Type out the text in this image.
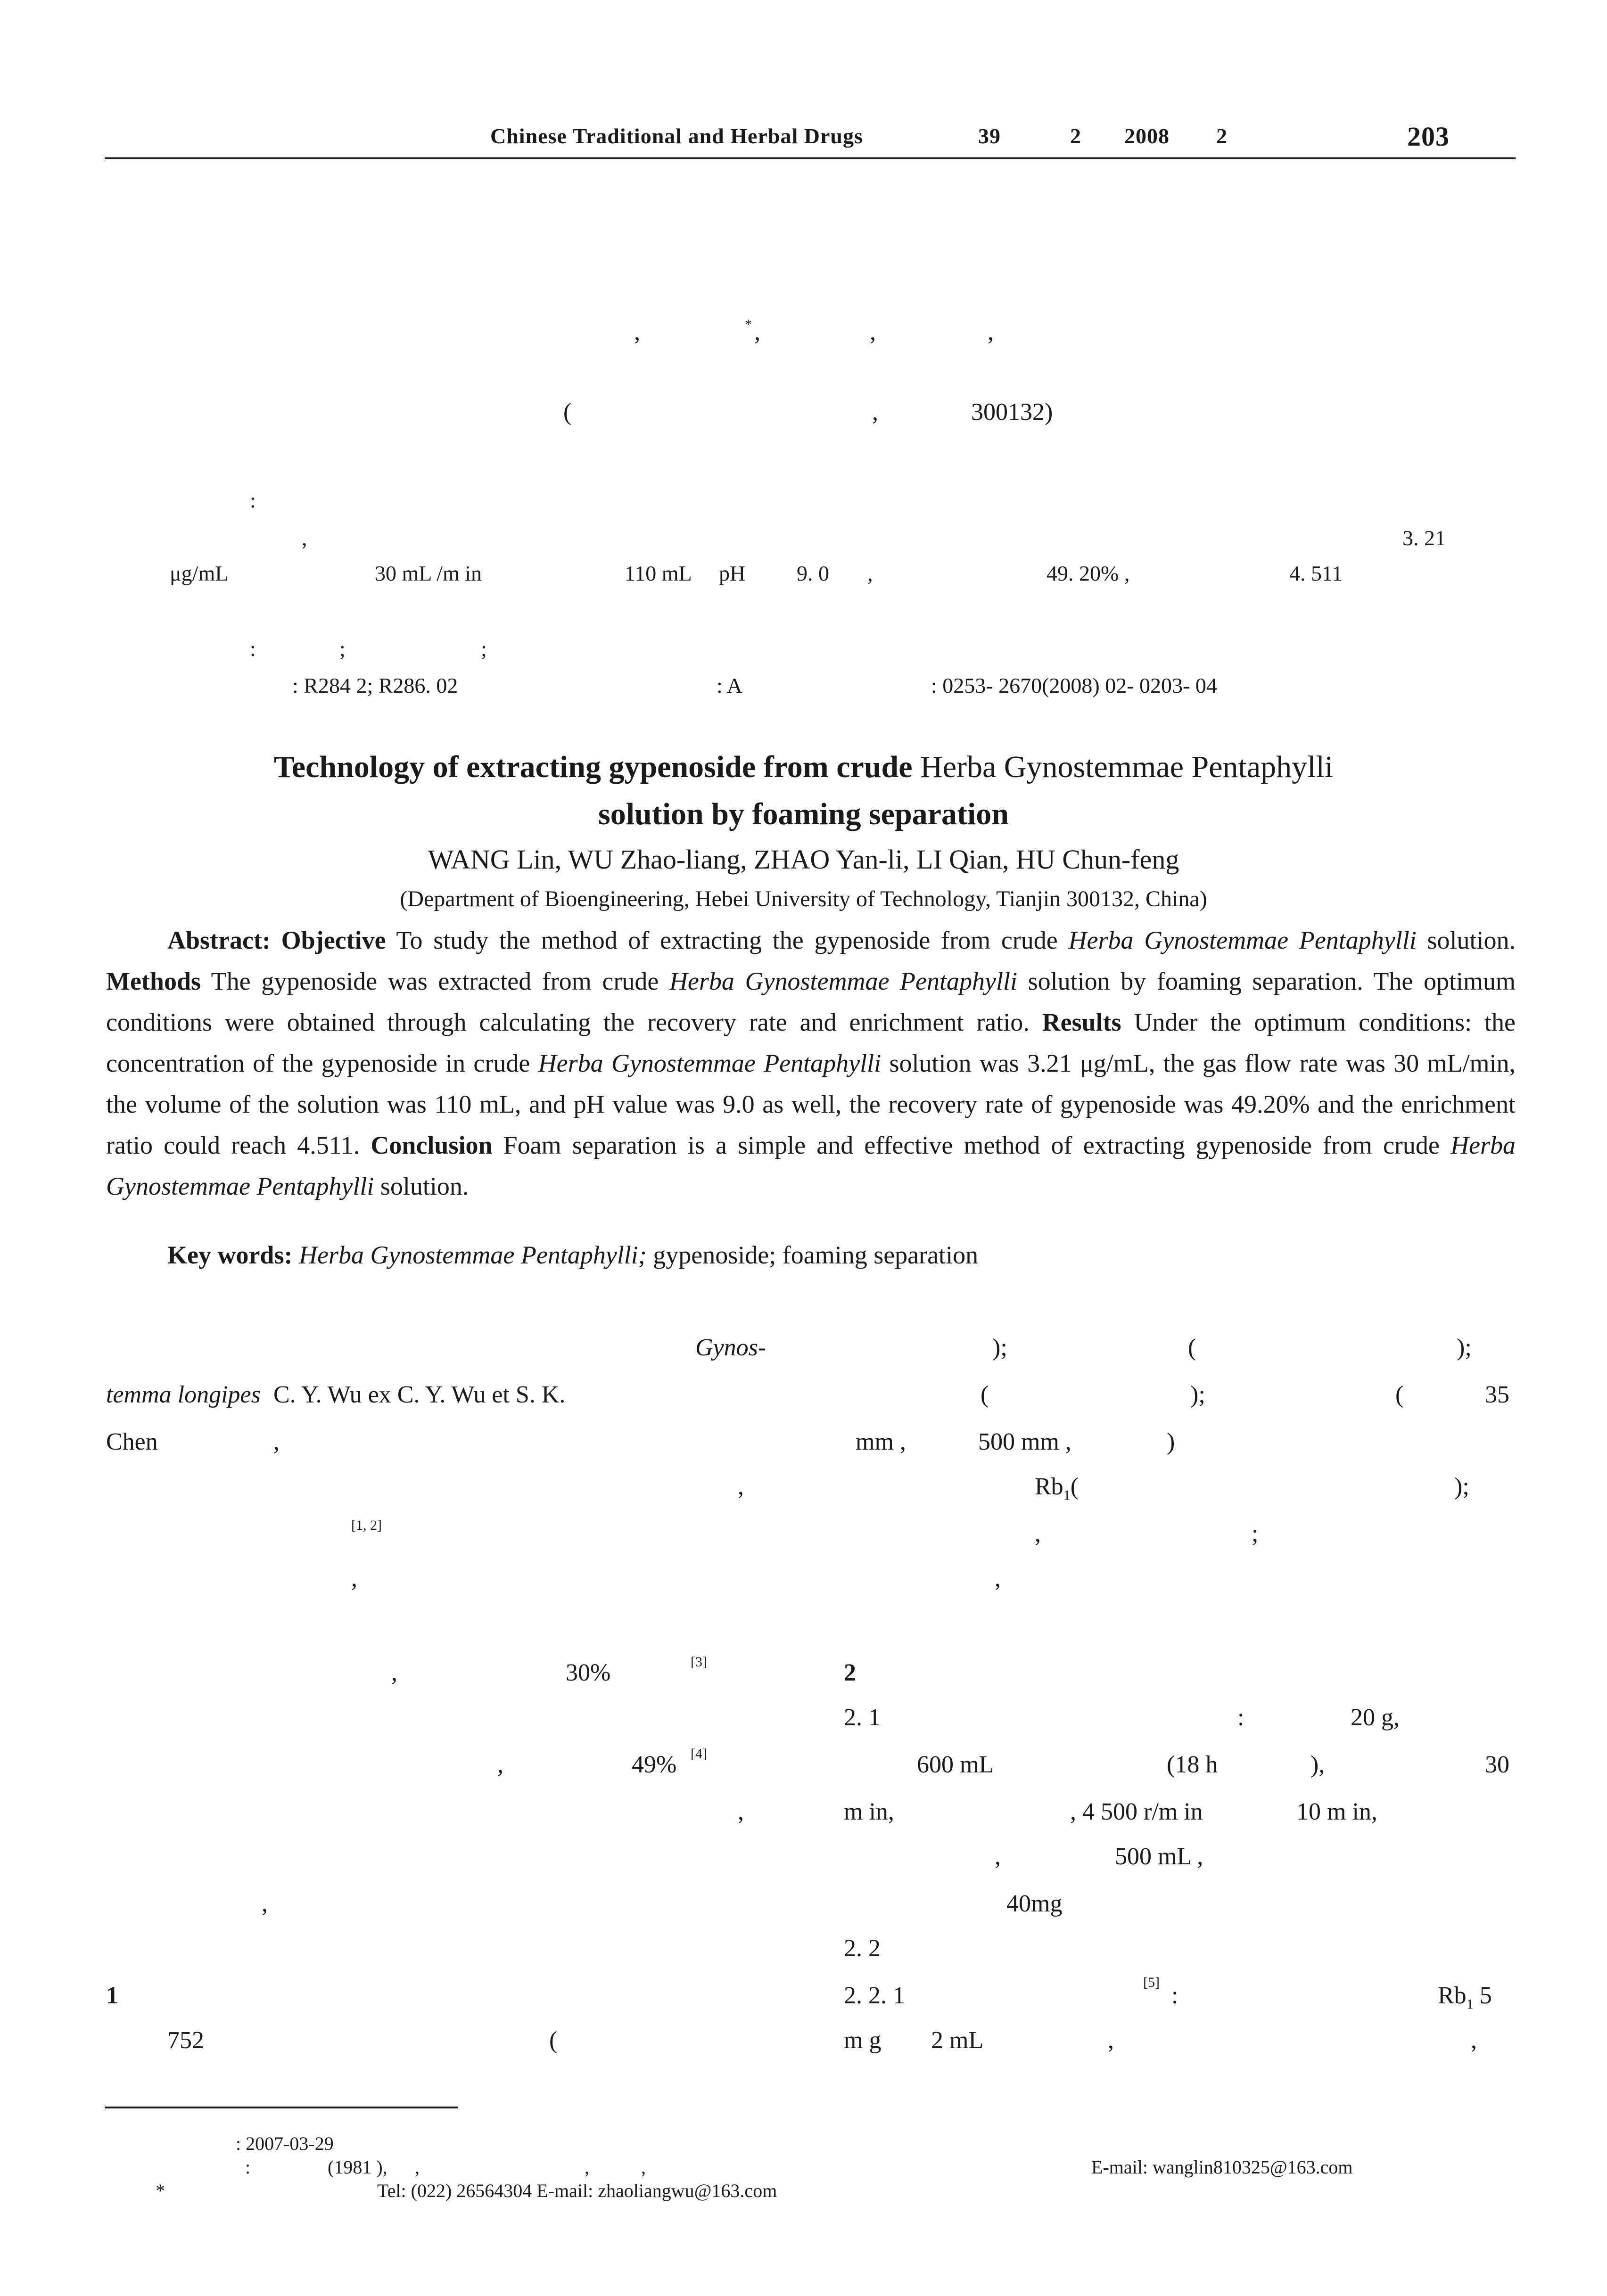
Chinese Traditional and Herbal Drugs	39	2 2008 2	203
,	* ,	,	,
(	,	300132)
:
,	3. 21
μg/mL	30 mL /m in	110 mL pH 9. 0 ,	49. 20% ,	4. 511
:	;	;
: R284 2; R286. 02	: A	: 0253- 2670(2008) 02- 0203- 04
Technology of extracting gypenoside from crude Herba Gynostemmae Pentaphylli
solution by foaming separation
WANG Lin, WU Zhao-liang, ZHAO Yan-li, LI Qian, HU Chun-feng
(Department of Bioengineering, Hebei University of Technology, Tianjin 300132, China)
Abstract: Objective To study the method of extracting the gypenoside from crude Herba Gynostemmae Pentaphylli solution. Methods The gypenoside was extracted from crude Herba Gynostemmae Pentaphylli solution by foaming separation. The optimum conditions were obtained through calculating the recovery rate and enrichment ratio. Results Under the optimum conditions: the concentration of the gypenoside in crude Herba Gynostemmae Pentaphylli solution was 3.21 μg/mL, the gas flow rate was 30 mL/min, the volume of the solution was 110 mL, and pH value was 9.0 as well, the recovery rate of gypenoside was 49.20% and the enrichment ratio could reach 4.511. Conclusion Foam separation is a simple and effective method of extracting gypenoside from crude Herba Gynostemmae Pentaphylli solution.
Key words: Herba Gynostemmae Pentaphylli; gypenoside; foaming separation
Gynos-
temma longipes C. Y. Wu ex C. Y. Wu et S. K.
Chen	,
[1, 2]
,
,	30%	[3]
,	49% [4]
,
,
1
752	(
);	(	);
(	);	(	35
mm ,	500 mm ,	)
,	$Rb_1$(	);
,	;
,
2
2. 1	:	20 g,
600 mL	(18 h	),	30
m in,	, 4 500 r/m in	10 m in,
,	500 mL ,
40mg
2. 2
2. 2. 1	[5] :	$Rb_1$ 5
m g 2 mL	,	,
: 2007-03-29
:	(1981 ), ,	,	,	E-mail: wanglin810325@163.com
*	Tel: (022) 26564304 E-mail: zhaoliangwu@163.com
